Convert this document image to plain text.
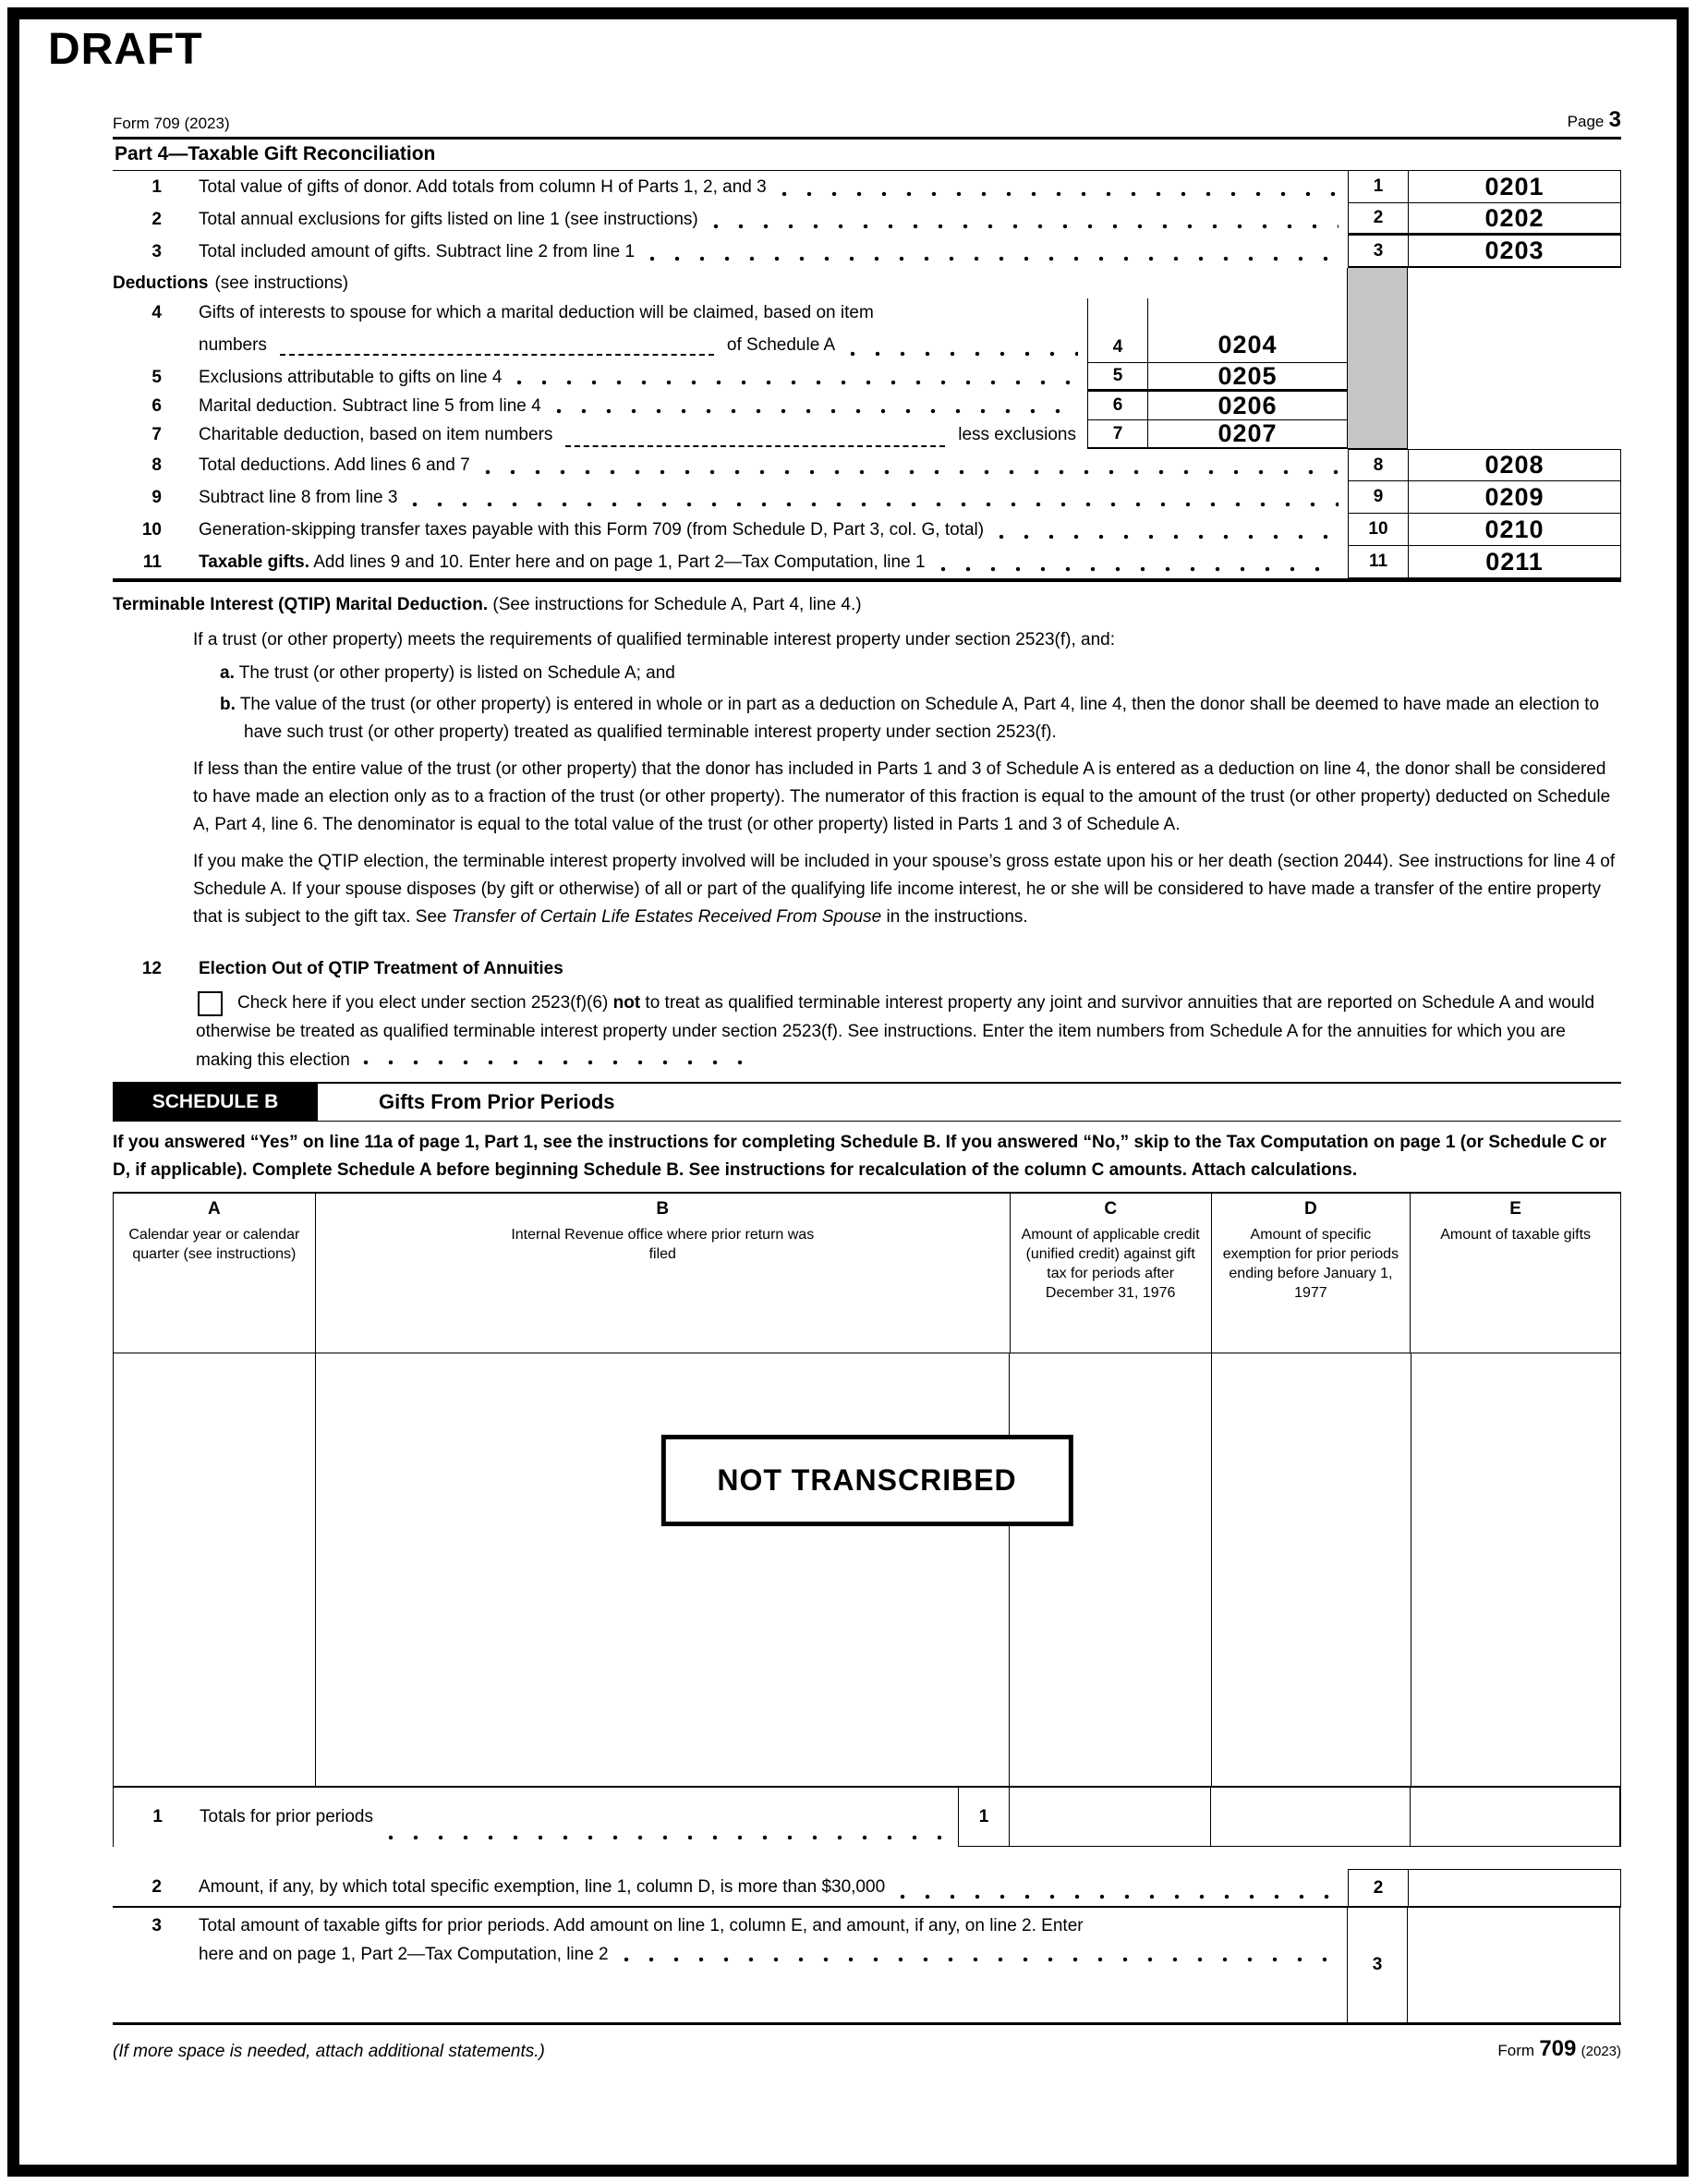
DRAFT
Form 709 (2023)	Page 3
Part 4—Taxable Gift Reconciliation
1 Total value of gifts of donor. Add totals from column H of Parts 1, 2, and 3	1	0201
2 Total annual exclusions for gifts listed on line 1 (see instructions)	2	0202
3 Total included amount of gifts. Subtract line 2 from line 1	3	0203
Deductions (see instructions)
4 Gifts of interests to spouse for which a marital deduction will be claimed, based on item
numbers	of Schedule A	4	0204
5 Exclusions attributable to gifts on line 4	5	0205
6 Marital deduction. Subtract line 5 from line 4	6	0206
7 Charitable deduction, based on item numbers	less exclusions	7	0207
8 Total deductions. Add lines 6 and 7	8	0208
9 Subtract line 8 from line 3	9	0209
10 Generation-skipping transfer taxes payable with this Form 709 (from Schedule D, Part 3, col. G, total)	10	0210
11 Taxable gifts. Add lines 9 and 10. Enter here and on page 1, Part 2—Tax Computation, line 1	11	0211
Terminable Interest (QTIP) Marital Deduction. (See instructions for Schedule A, Part 4, line 4.)
If a trust (or other property) meets the requirements of qualified terminable interest property under section 2523(f), and:
a. The trust (or other property) is listed on Schedule A; and
b. The value of the trust (or other property) is entered in whole or in part as a deduction on Schedule A, Part 4, line 4, then the donor shall be deemed to have made an election to have such trust (or other property) treated as qualified terminable interest property under section 2523(f).
If less than the entire value of the trust (or other property) that the donor has included in Parts 1 and 3 of Schedule A is entered as a deduction on line 4, the donor shall be considered to have made an election only as to a fraction of the trust (or other property). The numerator of this fraction is equal to the amount of the trust (or other property) deducted on Schedule A, Part 4, line 6. The denominator is equal to the total value of the trust (or other property) listed in Parts 1 and 3 of Schedule A.
If you make the QTIP election, the terminable interest property involved will be included in your spouse’s gross estate upon his or her death (section 2044). See instructions for line 4 of Schedule A. If your spouse disposes (by gift or otherwise) of all or part of the qualifying life income interest, he or she will be considered to have made a transfer of the entire property that is subject to the gift tax. See Transfer of Certain Life Estates Received From Spouse in the instructions.
12 Election Out of QTIP Treatment of Annuities
Check here if you elect under section 2523(f)(6) not to treat as qualified terminable interest property any joint and survivor annuities that are reported on Schedule A and would otherwise be treated as qualified terminable interest property under section 2523(f). See instructions. Enter the item numbers from Schedule A for the annuities for which you are making this election
SCHEDULE B	Gifts From Prior Periods
If you answered “Yes” on line 11a of page 1, Part 1, see the instructions for completing Schedule B. If you answered “No,” skip to the Tax Computation on page 1 (or Schedule C or D, if applicable). Complete Schedule A before beginning Schedule B. See instructions for recalculation of the column C amounts. Attach calculations.
A
Calendar year or calendar quarter (see instructions)
B
Internal Revenue office where prior return was filed
C
Amount of applicable credit (unified credit) against gift tax for periods after December 31, 1976
D
Amount of specific exemption for prior periods ending before January 1, 1977
E
Amount of taxable gifts
NOT TRANSCRIBED
1 Totals for prior periods	1
2 Amount, if any, by which total specific exemption, line 1, column D, is more than $30,000	2
3 Total amount of taxable gifts for prior periods. Add amount on line 1, column E, and amount, if any, on line 2. Enter
here and on page 1, Part 2—Tax Computation, line 2
3
(If more space is needed, attach additional statements.)	Form 709 (2023)
